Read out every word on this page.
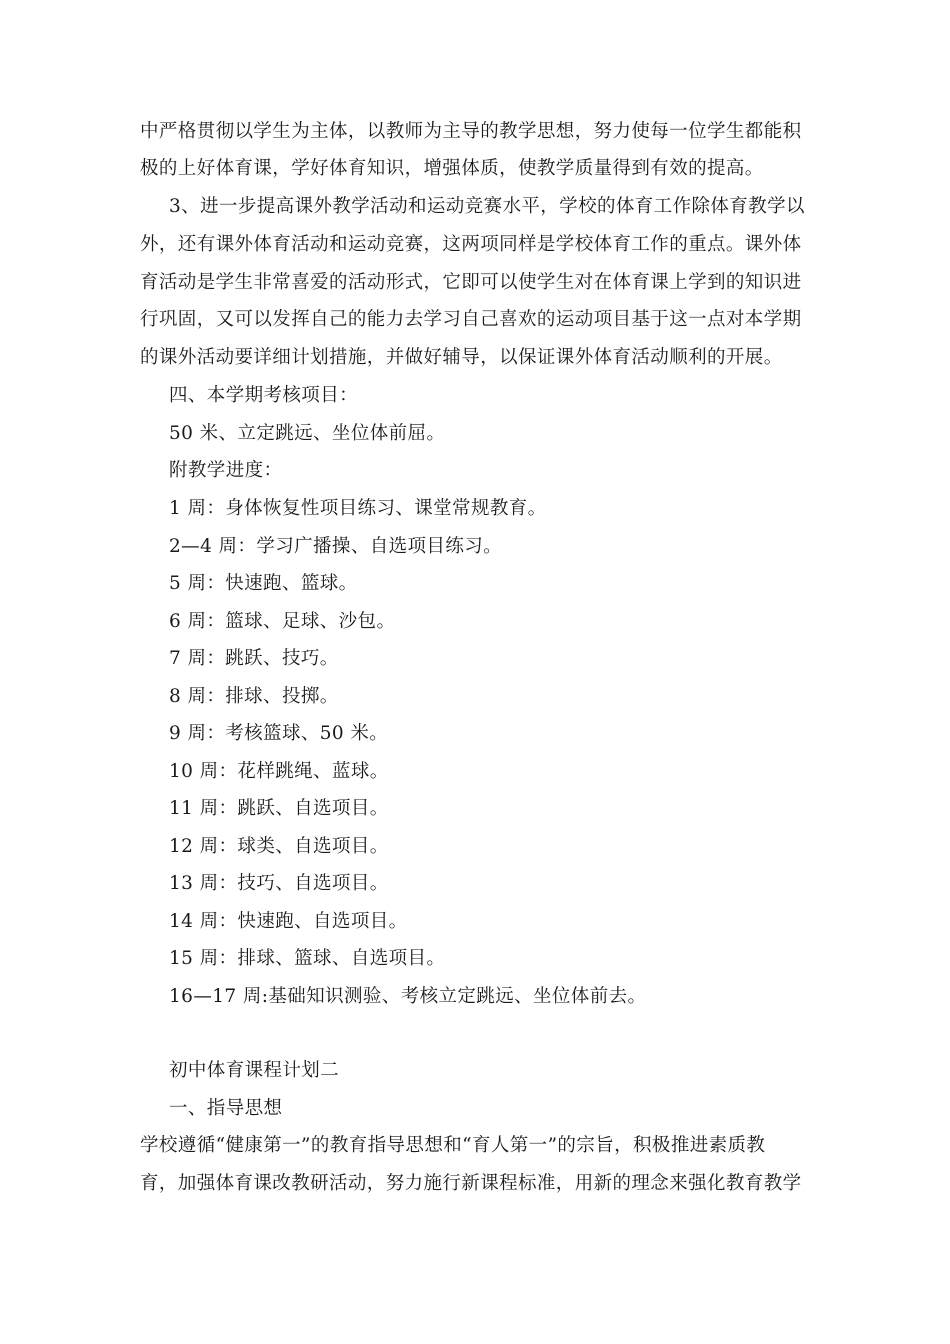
中严格贯彻以学生为主体，以教师为主导的教学思想，努力使每一位学生都能积
极的上好体育课，学好体育知识，增强体质，使教学质量得到有效的提高。
3、进一步提高课外教学活动和运动竞赛水平，学校的体育工作除体育教学以
外，还有课外体育活动和运动竞赛，这两项同样是学校体育工作的重点。课外体
育活动是学生非常喜爱的活动形式，它即可以使学生对在体育课上学到的知识进
行巩固，又可以发挥自己的能力去学习自己喜欢的运动项目基于这一点对本学期
的课外活动要详细计划措施，并做好辅导，以保证课外体育活动顺利的开展。
四、本学期考核项目：
50 米、立定跳远、坐位体前屈。
附教学进度：
1 周：身体恢复性项目练习、课堂常规教育。
2—4 周：学习广播操、自选项目练习。
5 周：快速跑、篮球。
6 周：篮球、足球、沙包。
7 周：跳跃、技巧。
8 周：排球、投掷。
9 周：考核篮球、50 米。
10 周：花样跳绳、蓝球。
11 周：跳跃、自选项目。
12 周：球类、自选项目。
13 周：技巧、自选项目。
14 周：快速跑、自选项目。
15 周：排球、篮球、自选项目。
16—17 周:基础知识测验、考核立定跳远、坐位体前去。
初中体育课程计划二
一、指导思想
学校遵循“健康第一”的教育指导思想和“育人第一”的宗旨，积极推进素质教
育，加强体育课改教研活动，努力施行新课程标准，用新的理念来强化教育教学
